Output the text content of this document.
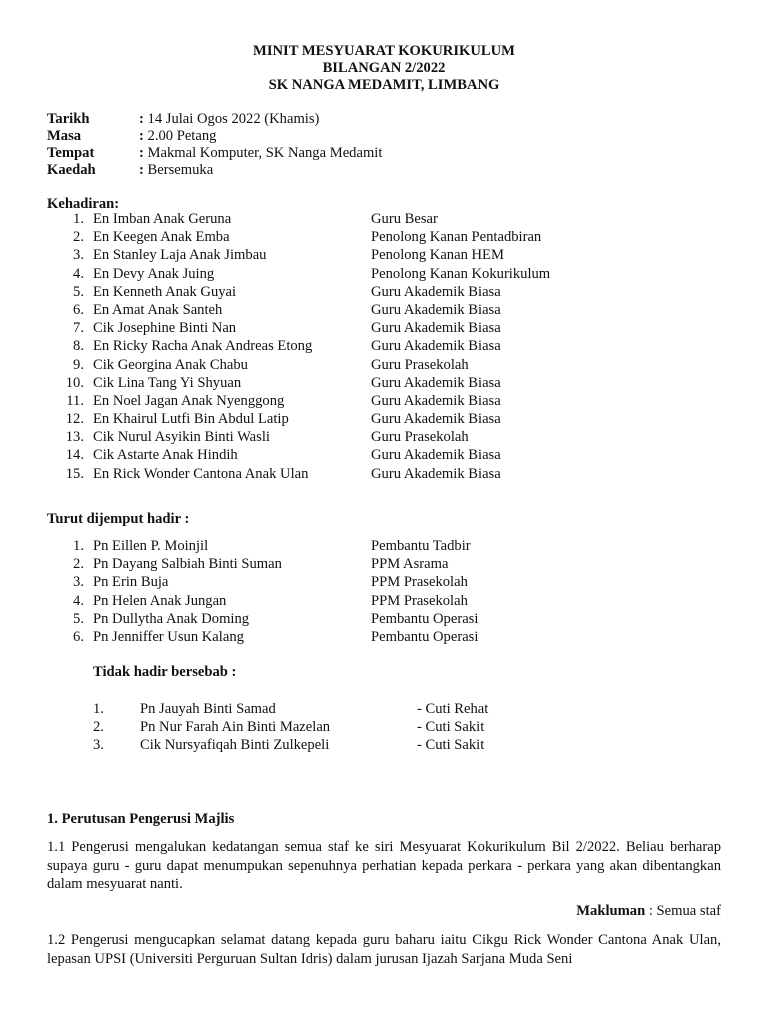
MINIT MESYUARAT KOKURIKULUM
BILANGAN 2/2022
SK NANGA MEDAMIT, LIMBANG
Tarikh	: 14 Julai Ogos 2022 (Khamis)
Masa	: 2.00 Petang
Tempat	: Makmal Komputer, SK Nanga Medamit
Kaedah	: Bersemuka
Kehadiran:
1. En Imban Anak Geruna	Guru Besar
2. En Keegen Anak Emba	Penolong Kanan Pentadbiran
3. En Stanley Laja Anak Jimbau	Penolong Kanan HEM
4. En Devy Anak Juing	Penolong Kanan Kokurikulum
5. En Kenneth Anak Guyai	Guru Akademik Biasa
6. En Amat Anak Santeh	Guru Akademik Biasa
7. Cik Josephine Binti Nan	Guru Akademik Biasa
8. En Ricky Racha Anak Andreas Etong	Guru Akademik Biasa
9. Cik Georgina Anak Chabu	Guru Prasekolah
10. Cik Lina Tang Yi Shyuan	Guru Akademik Biasa
11. En Noel Jagan Anak Nyenggong	Guru Akademik Biasa
12. En Khairul Lutfi Bin Abdul Latip	Guru Akademik Biasa
13. Cik Nurul Asyikin Binti Wasli	Guru Prasekolah
14. Cik Astarte Anak Hindih	Guru Akademik Biasa
15. En Rick Wonder Cantona Anak Ulan	Guru Akademik Biasa
Turut dijemput hadir :
1. Pn Eillen P. Moinjil	Pembantu Tadbir
2. Pn Dayang Salbiah Binti Suman	PPM Asrama
3. Pn Erin Buja	PPM Prasekolah
4. Pn Helen Anak Jungan	PPM Prasekolah
5. Pn Dullytha Anak Doming	Pembantu Operasi
6. Pn Jenniffer Usun Kalang	Pembantu Operasi
Tidak hadir bersebab :
1. Pn Jauyah Binti Samad	- Cuti Rehat
2. Pn Nur Farah Ain Binti Mazelan	- Cuti Sakit
3. Cik Nursyafiqah Binti Zulkepeli	- Cuti Sakit
1. Perutusan Pengerusi Majlis
1.1 Pengerusi mengalukan kedatangan semua staf ke siri Mesyuarat Kokurikulum Bil 2/2022. Beliau berharap supaya guru - guru dapat menumpukan sepenuhnya perhatian kepada perkara - perkara yang akan dibentangkan dalam mesyuarat nanti.
Makluman : Semua staf
1.2 Pengerusi mengucapkan selamat datang kepada guru baharu iaitu Cikgu Rick Wonder Cantona Anak Ulan, lepasan UPSI (Universiti Perguruan Sultan Idris) dalam jurusan Ijazah Sarjana Muda Seni
